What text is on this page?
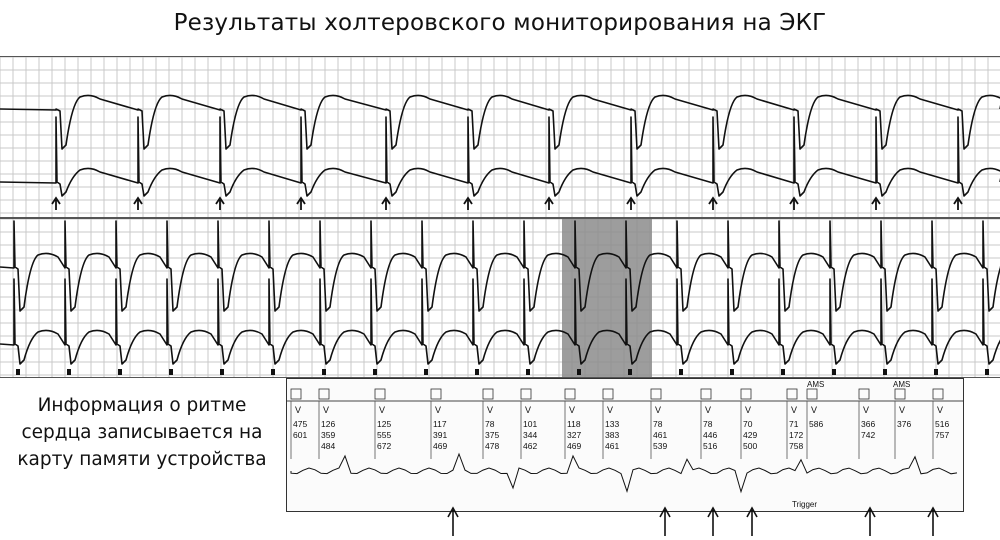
Результаты холтеровского мониторирования на ЭКГ
Информация о ритме
сердца записывается на
карту памяти устройства
V
475
601
V
126
359
484
V
125
555
672
V
117
391
469
V
78
375
478
V
101
344
462
V
118
327
469
V
133
383
461
V
78
461
539
V
78
446
516
V
70
429
500
V
71
172
758
V
586
V
366
742
V
376
V
516
757
AMS	AMS
Trigger
